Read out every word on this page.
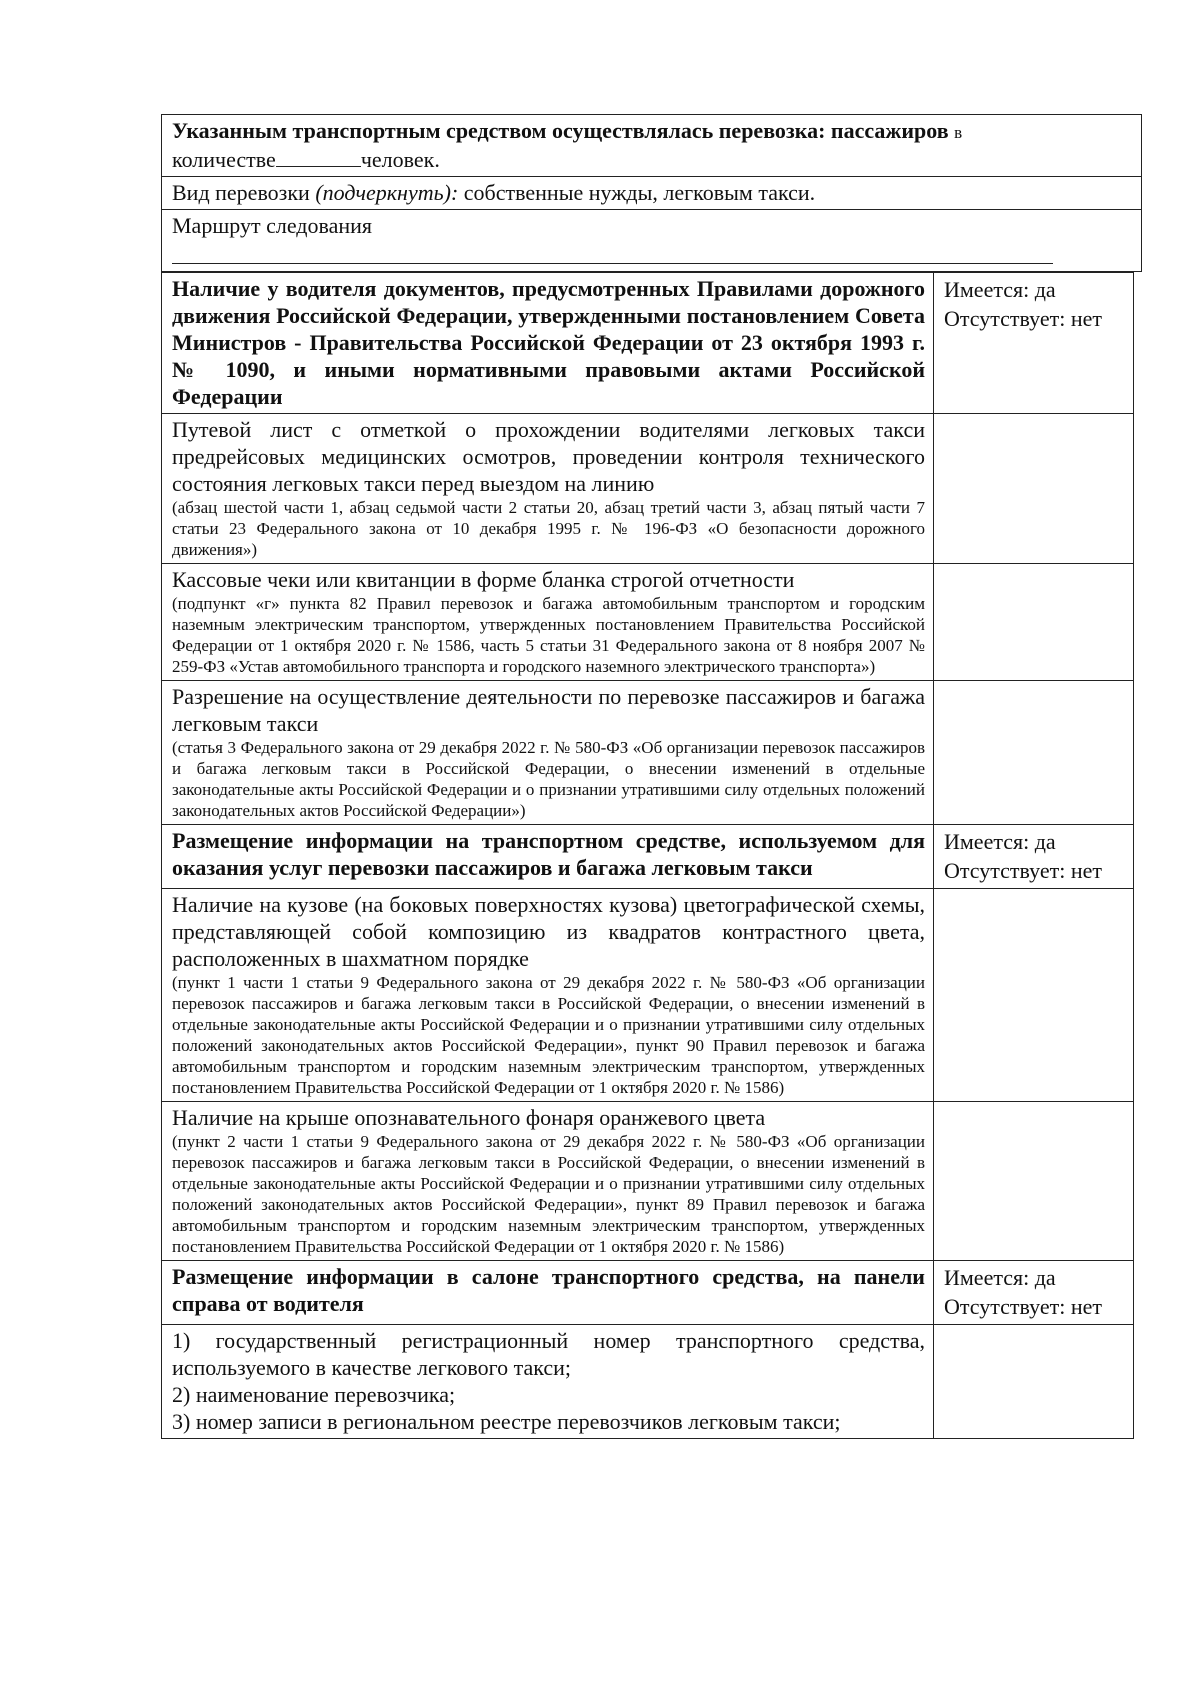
Указанным транспортным средством осуществлялась перевозка: пассажиров в
количестве	человек.

Вид перевозки (подчеркнуть): собственные нужды, легковым такси.

Маршрут следования
Наличие у водителя документов, предусмотренных Правилами дорожного движения Российской Федерации, утвержденными постановлением Совета Министров - Правительства Российской Федерации от 23 октября 1993 г. № 1090, и иными нормативными правовыми актами Российской Федерации	Имеется: да
Отсутствует: нет

Путевой лист с отметкой о прохождении водителями легковых такси предрейсовых медицинских осмотров, проведении контроля технического состояния легковых такси перед выездом на линию
(абзац шестой части 1, абзац седьмой части 2 статьи 20, абзац третий части 3, абзац пятый части 7 статьи 23 Федерального закона от 10 декабря 1995 г. № 196-ФЗ «О безопасности дорожного движения»)	

Кассовые чеки или квитанции в форме бланка строгой отчетности
(подпункт «г» пункта 82 Правил перевозок и багажа автомобильным транспортом и городским наземным электрическим транспортом, утвержденных постановлением Правительства Российской Федерации от 1 октября 2020 г. № 1586, часть 5 статьи 31 Федерального закона от 8 ноября 2007 № 259-ФЗ «Устав автомобильного транспорта и городского наземного электрического транспорта»)	

Разрешение на осуществление деятельности по перевозке пассажиров и багажа легковым такси
(статья 3 Федерального закона от 29 декабря 2022 г. № 580-ФЗ «Об организации перевозок пассажиров и багажа легковым такси в Российской Федерации, о внесении изменений в отдельные законодательные акты Российской Федерации и о признании утратившими силу отдельных положений законодательных актов Российской Федерации»)	

Размещение информации на транспортном средстве, используемом для оказания услуг перевозки пассажиров и багажа легковым такси	Имеется: да
Отсутствует: нет

Наличие на кузове (на боковых поверхностях кузова) цветографической схемы, представляющей собой композицию из квадратов контрастного цвета, расположенных в шахматном порядке
(пункт 1 части 1 статьи 9 Федерального закона от 29 декабря 2022 г. № 580-ФЗ «Об организации перевозок пассажиров и багажа легковым такси в Российской Федерации, о внесении изменений в отдельные законодательные акты Российской Федерации и о признании утратившими силу отдельных положений законодательных актов Российской Федерации», пункт 90 Правил перевозок и багажа автомобильным транспортом и городским наземным электрическим транспортом, утвержденных постановлением Правительства Российской Федерации от 1 октября 2020 г. № 1586)	

Наличие на крыше опознавательного фонаря оранжевого цвета
(пункт 2 части 1 статьи 9 Федерального закона от 29 декабря 2022 г. № 580-ФЗ «Об организации перевозок пассажиров и багажа легковым такси в Российской Федерации, о внесении изменений в отдельные законодательные акты Российской Федерации и о признании утратившими силу отдельных положений законодательных актов Российской Федерации», пункт 89 Правил перевозок и багажа автомобильным транспортом и городским наземным электрическим транспортом, утвержденных постановлением Правительства Российской Федерации от 1 октября 2020 г. № 1586)	

Размещение информации в салоне транспортного средства, на панели справа от водителя	Имеется: да
Отсутствует: нет

1) государственный регистрационный номер транспортного средства, используемого в качестве легкового такси;
2) наименование перевозчика;
3) номер записи в региональном реестре перевозчиков легковым такси;	
